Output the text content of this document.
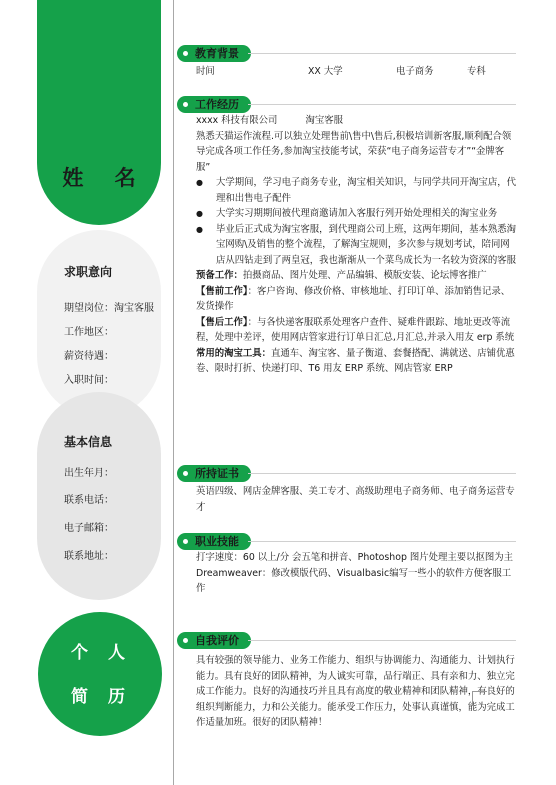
姓 名
求职意向
期望岗位：淘宝客服
工作地区：
薪资待遇：
入职时间：
基本信息
出生年月：
联系电话：
电子邮箱：
联系地址：
个 人
简 历
教育背景
时间	XX 大学	电子商务	专科
工作经历

xxxx 科技有限公司	淘宝客服

熟悉天猫运作流程.可以独立处理售前\售中\售后,积极培训新客服,顺利配合领导完成各项工作任务,参加淘宝技能考试，荣获“电子商务运营专才”“金牌客服”

● 大学期间，学习电子商务专业，淘宝相关知识，与同学共同开淘宝店，代理和出售电子配件

● 大学实习期期间被代理商邀请加入客服行列开始处理相关的淘宝业务

● 毕业后正式成为淘宝客服，到代理商公司上班，这两年期间，基本熟悉淘宝网购\及销售的整个流程，了解淘宝规则，多次参与规划考试，陪同网店从四钻走到了两皇冠，我也渐渐从一个菜鸟成长为一名较为资深的客服

预备工作：拍摄商品、图片处理、产品编辑、模版安装、论坛博客推广

【售前工作】：客户咨询、修改价格、审核地址、打印订单、添加销售记录、发货操作

【售后工作】：与各快递客服联系处理客户查件、疑难件跟踪、地址更改等流程，处理中差评，使用网店管家进行订单日汇总,月汇总,并录入用友 erp 系统

常用的淘宝工具：直通车、淘宝客、量子衡道、套餐搭配、满就送、店铺优惠卷、限时打折、快递打印、T6 用友 ERP 系统、网店管家 ERP

所持证书
英语四级、网店金牌客服、美工专才、高级助理电子商务师、电子商务运营专才
职业技能

打字速度：60 以上/分 会五笔和拼音、Photoshop 图片处理主要以抠图为主

Dreamweaver：修改模版代码、Visualbasic编写一些小的软件方便客服工作

自我评价
具有较强的领导能力、业务工作能力、组织与协调能力、沟通能力、计划执行能力。具有良好的团队精神，为人诚实可靠，品行端正、具有亲和力、独立完成工作能力。良好的沟通技巧并且具有高度的敬业精神和团队精神，有良好的组织判断能力，力和公关能力。能承受工作压力，处事认真谨慎，能为完成工作适量加班。很好的团队精神！
